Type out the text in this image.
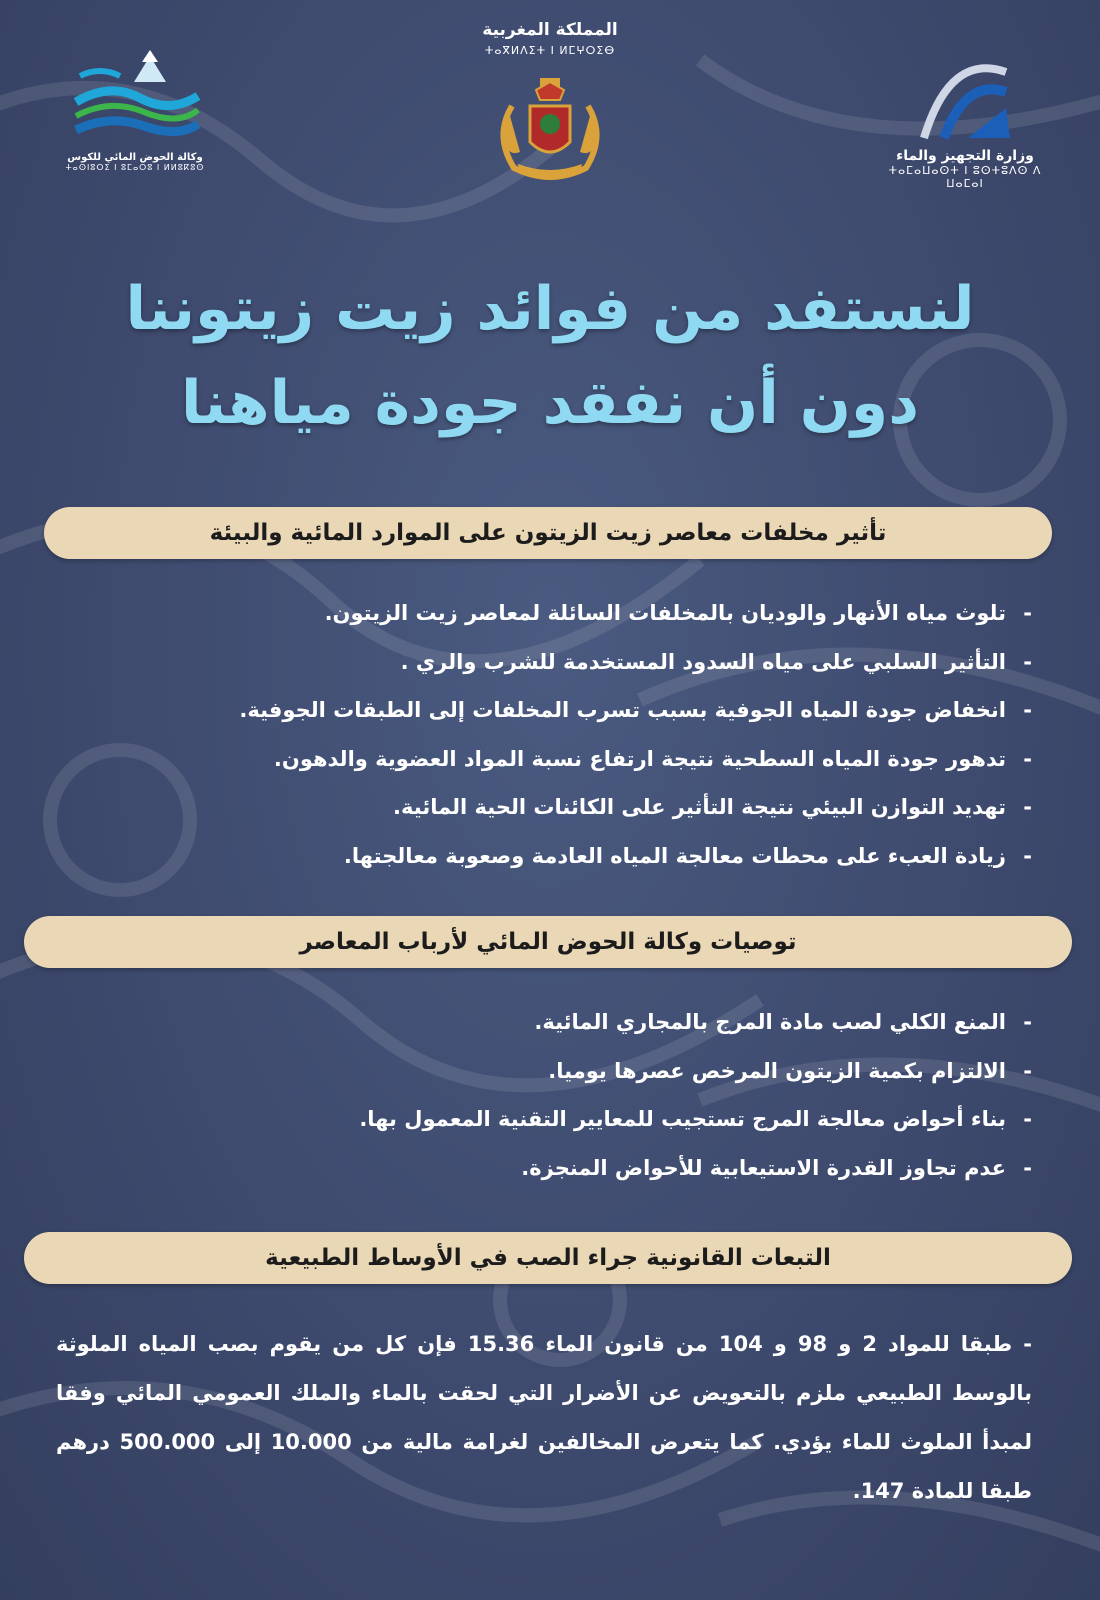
المملكة المغربية
ⵜⴰⴳⵍⴷⵉⵜ ⵏ ⵍⵎⵖⵔⵉⴱ
وكالة الحوض المائي للكوس
ⵜⴰⵙⵏⵓⵔⵉ ⵏ ⵓⵎⴰⵔⵓ ⵏ ⵍⵍⵓⴽⵓⵙ
وزارة التجهيز والماء
ⵜⴰⵎⴰⵡⴰⵙⵜ ⵏ ⵓⵙⵜⵓⴷⵙ ⴷ ⵡⴰⵎⴰⵏ
لنستفد من فوائد زيت زيتوننا
دون أن نفقد جودة مياهنا
تأثير مخلفات معاصر زيت الزيتون على الموارد المائية والبيئة
-تلوث مياه الأنهار والوديان بالمخلفات السائلة لمعاصر زيت الزيتون.
-التأثير السلبي على مياه السدود المستخدمة للشرب والري .
-انخفاض جودة المياه الجوفية بسبب تسرب المخلفات إلى الطبقات الجوفية.
-تدهور جودة المياه السطحية نتيجة ارتفاع نسبة المواد العضوية والدهون.
-تهديد التوازن البيئي نتيجة التأثير على الكائنات الحية المائية.
-زيادة العبء على محطات معالجة المياه العادمة وصعوبة معالجتها.
توصيات وكالة الحوض المائي لأرباب المعاصر
-المنع الكلي لصب مادة المرج بالمجاري المائية.
-الالتزام بكمية الزيتون المرخص عصرها يوميا.
-بناء أحواض معالجة المرج تستجيب للمعايير التقنية المعمول بها.
-عدم تجاوز القدرة الاستيعابية للأحواض المنجزة.
التبعات القانونية جراء الصب في الأوساط الطبيعية
- طبقا للمواد 2 و 98 و 104 من قانون الماء 15.36 فإن كل من يقوم بصب المياه الملوثة بالوسط الطبيعي ملزم بالتعويض عن الأضرار التي لحقت بالماء والملك العمومي المائي وفقا لمبدأ الملوث للماء يؤدي. كما يتعرض المخالفين لغرامة مالية من 10.000 إلى 500.000 درهم طبقا للمادة 147.
